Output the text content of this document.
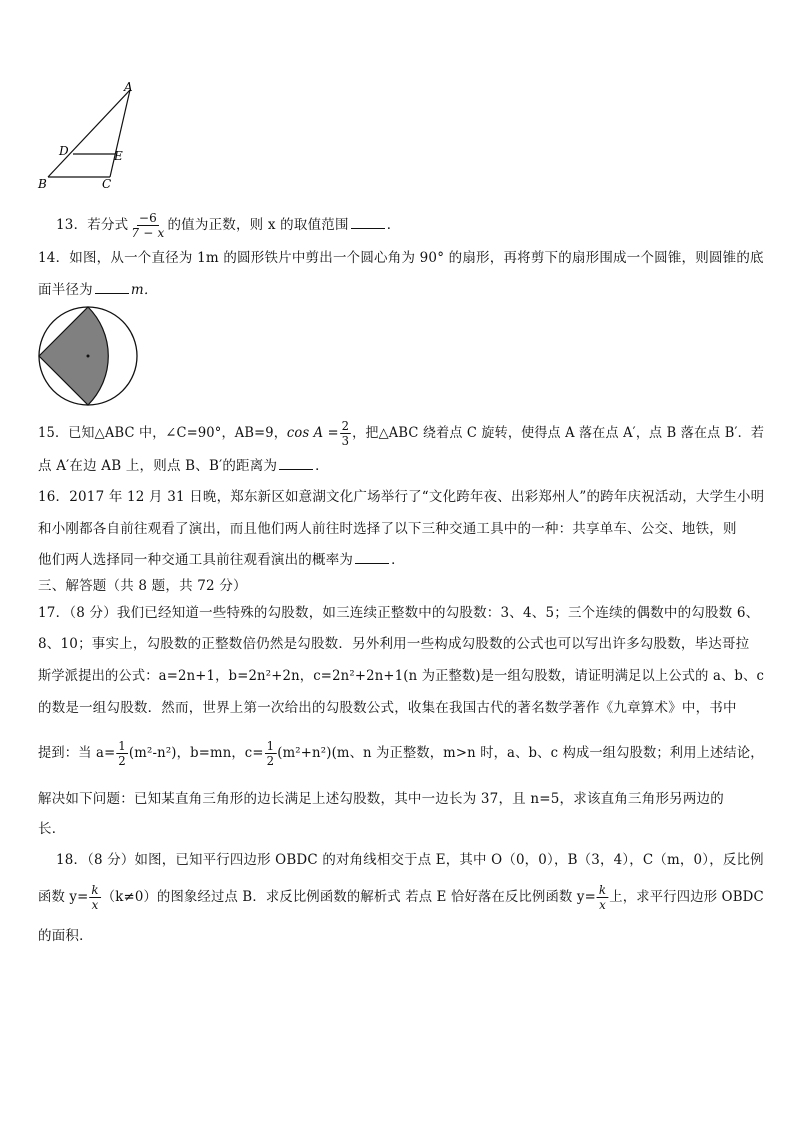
A
D	E
B	C
13．若分式 $\frac{-6}{7 - x}$ 的值为正数，则 x 的取值范围	．
14．如图，从一个直径为 1m 的圆形铁片中剪出一个圆心角为 90° 的扇形，再将剪下的扇形围成一个圆锥，则圆锥的底
面半径为	m．
15．已知△ABC 中，∠C=90°，AB=9，$\cos A = \frac{2}{3}$ ，把△ABC 绕着点 C 旋转，使得点 A 落在点 A′，点 B 落在点 B′．若
点 A′在边 AB 上，则点 B、B′的距离为	．
16．2017 年 12 月 31 日晚，郑东新区如意湖文化广场举行了“文化跨年夜、出彩郑州人”的跨年庆祝活动，大学生小明
和小刚都各自前往观看了演出，而且他们两人前往时选择了以下三种交通工具中的一种：共享单车、公交、地铁，则
他们两人选择同一种交通工具前往观看演出的概率为	．
三、解答题（共 8 题，共 72 分）
17．（8 分）我们已经知道一些特殊的勾股数，如三连续正整数中的勾股数：3、4、5；三个连续的偶数中的勾股数 6、
8、10；事实上，勾股数的正整数倍仍然是勾股数．另外利用一些构成勾股数的公式也可以写出许多勾股数，毕达哥拉
斯学派提出的公式：a=2n+1，b=2n²+2n，c=2n²+2n+1(n 为正整数)是一组勾股数，请证明满足以上公式的 a、b、c
的数是一组勾股数．然而，世界上第一次给出的勾股数公式，收集在我国古代的著名数学著作《九章算术》中，书中
提到：当 $a= \frac{1}{2} (m^2-n^2)$，b=mn，$c= \frac{1}{2} (m^2+n^2)(m$、n 为正整数，m>n 时，a、b、c 构成一组勾股数；利用上述结论，
解决如下问题：已知某直角三角形的边长满足上述勾股数，其中一边长为 37，且 n=5，求该直角三角形另两边的
长．
18．（8 分）如图，已知平行四边形 OBDC 的对角线相交于点 E，其中 O（0，0），B（3，4），C（m，0），反比例
函数 $y= \frac{k}{x} (k\ne 0)$的图象经过点 B．求反比例函数的解析式 若点 E 恰好落在反比例函数 $y= \frac{k}{x}$ 上，求平行四边形 OBDC
的面积．
